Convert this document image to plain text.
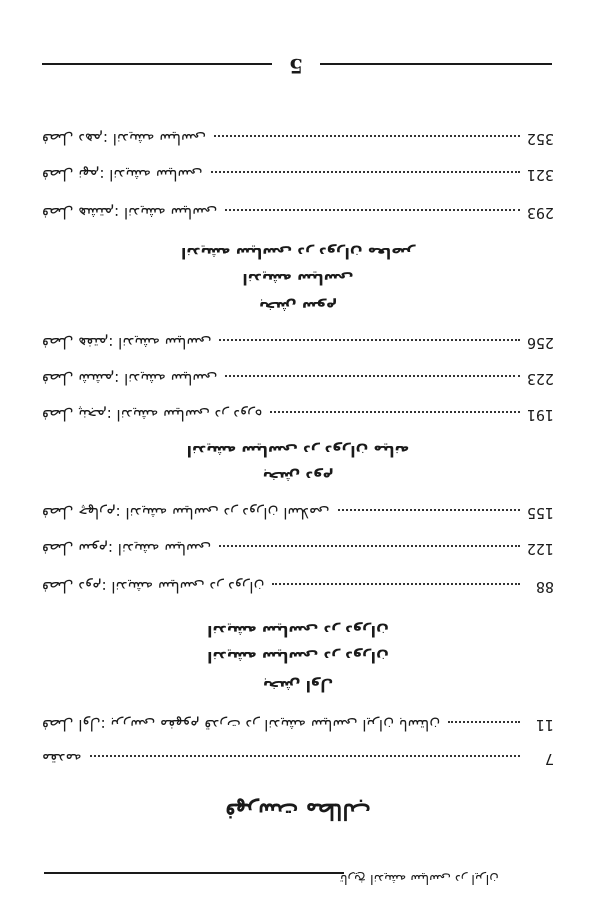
تاریخ اندیشه سیاسی در ایران
فهرست مطالب
مقدمه	7
فصل اول: بررسی مفهوم قدرت در اندیشه سیاسی ایران باستان	11
بخش اول
اندیشه سیاسی در دوران
اندیشه سیاسی در دوران
فصل دوم: اندیشه سیاسی در دوران	88
فصل سوم: اندیشه سیاسی	122
فصل چهارم: اندیشه سیاسی در دوران اسلامی	155
بخش دوم
اندیشه سیاسی در دوران میانه
فصل پنجم: اندیشه سیاسی در دوره	191
فصل ششم: اندیشه سیاسی	223
فصل هفتم: اندیشه سیاسی	256
بخش سوم
اندیشه سیاسی
اندیشه سیاسی در دوران معاصر
فصل هشتم: اندیشه سیاسی	293
فصل نهم: اندیشه سیاسی	321
فصل دهم: اندیشه سیاسی	352
5
